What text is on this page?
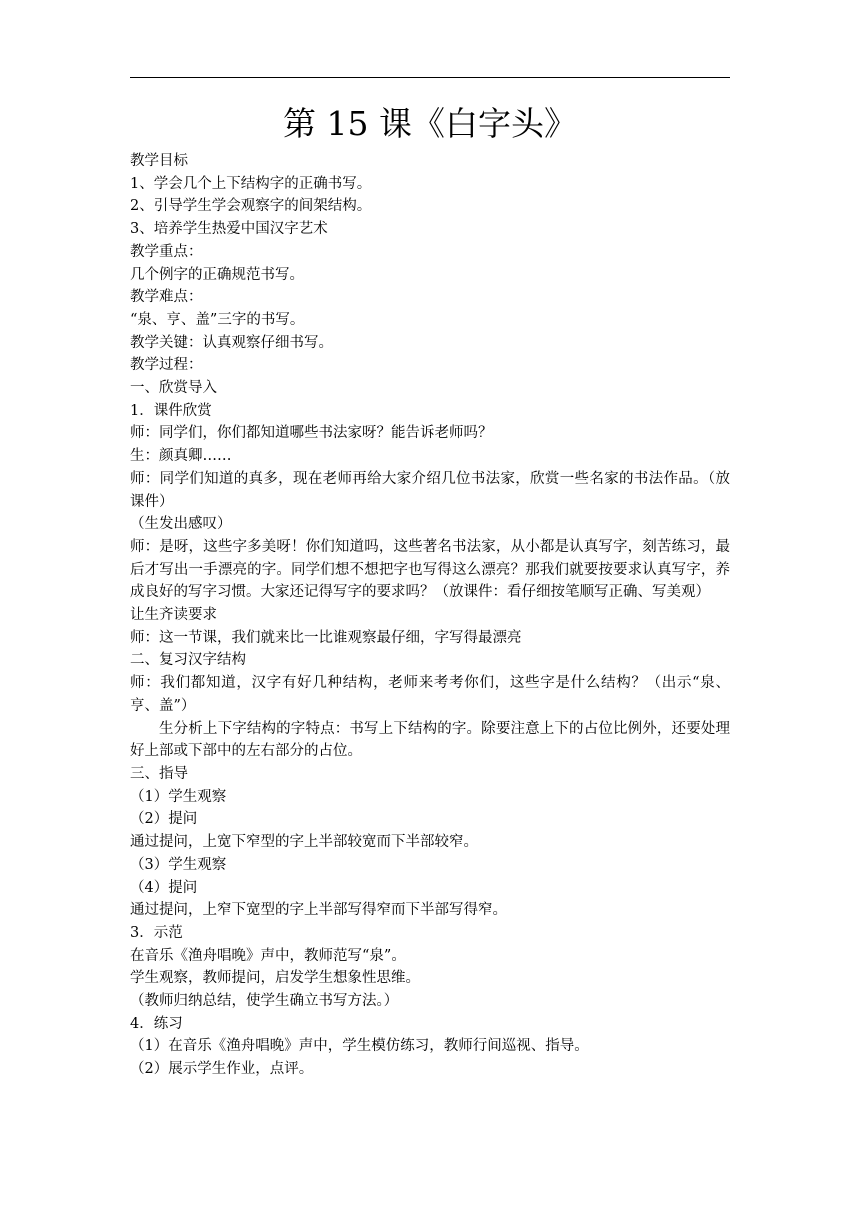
第 15 课《白字头》

教学目标

1、学会几个上下结构字的正确书写。

2、引导学生学会观察字的间架结构。

3、培养学生热爱中国汉字艺术

教学重点：

几个例字的正确规范书写。

教学难点：

“泉、亨、盖”三字的书写。

教学关键：认真观察仔细书写。

教学过程：

一、欣赏导入

1．课件欣赏

师：同学们，你们都知道哪些书法家呀？能告诉老师吗？

生：颜真卿……

师：同学们知道的真多，现在老师再给大家介绍几位书法家，欣赏一些名家的书法作品。（放课件）

（生发出感叹）

师：是呀，这些字多美呀！你们知道吗，这些著名书法家，从小都是认真写字，刻苦练习，最后才写出一手漂亮的字。同学们想不想把字也写得这么漂亮？那我们就要按要求认真写字，养成良好的写字习惯。大家还记得写字的要求吗？（放课件：看仔细按笔顺写正确、写美观）

让生齐读要求

师：这一节课，我们就来比一比谁观察最仔细，字写得最漂亮

二、复习汉字结构

师：我们都知道，汉字有好几种结构，老师来考考你们，这些字是什么结构？（出示“泉、亨、盖”）

生分析上下字结构的字特点：书写上下结构的字。除要注意上下的占位比例外，还要处理好上部或下部中的左右部分的占位。

三、指导

（1）学生观察

（2）提问

通过提问，上宽下窄型的字上半部较宽而下半部较窄。

（3）学生观察

（4）提问

通过提问，上窄下宽型的字上半部写得窄而下半部写得窄。

3．示范

在音乐《渔舟唱晚》声中，教师范写“泉”。

学生观察，教师提问，启发学生想象性思维。

（教师归纳总结，使学生确立书写方法。）

4．练习

（1）在音乐《渔舟唱晚》声中，学生模仿练习，教师行间巡视、指导。

（2）展示学生作业，点评。
